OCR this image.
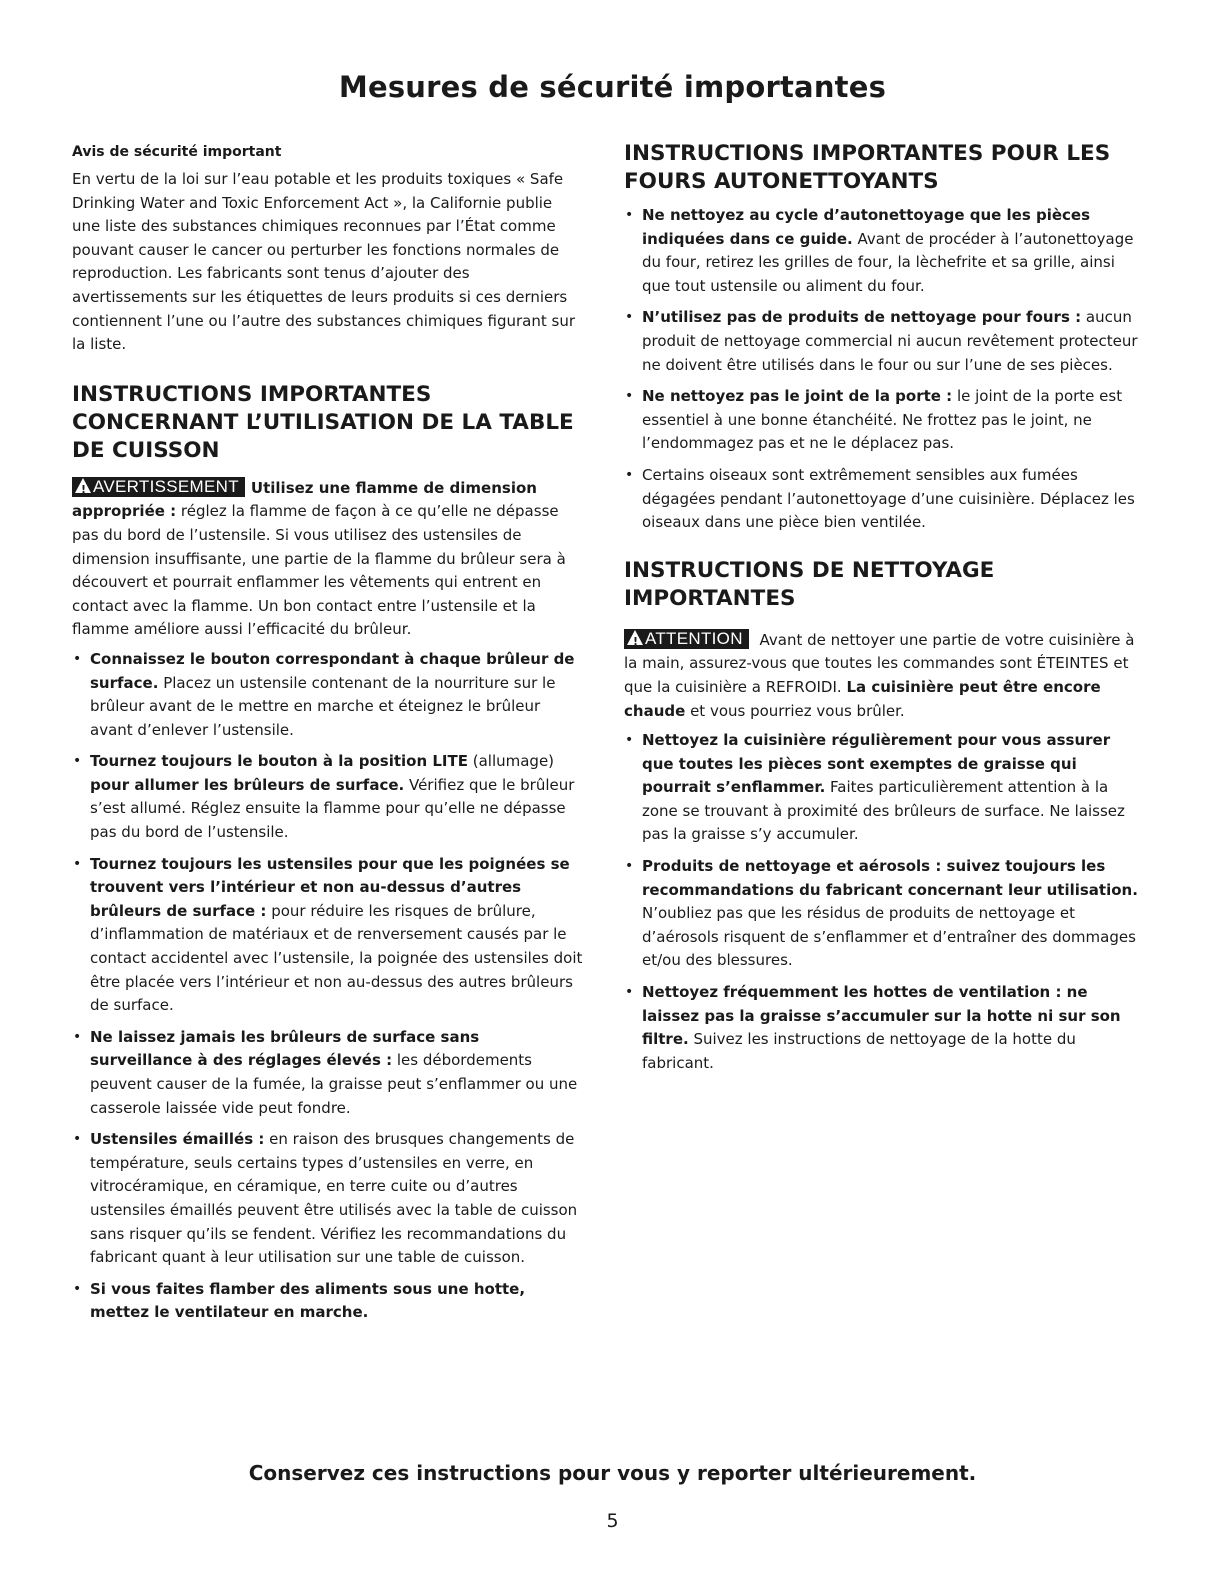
Mesures de sécurité importantes

Avis de sécurité important

En vertu de la loi sur l’eau potable et les produits toxiques « Safe Drinking Water and Toxic Enforcement Act », la Californie publie une liste des substances chimiques reconnues par l’État comme pouvant causer le cancer ou perturber les fonctions normales de reproduction. Les fabricants sont tenus d’ajouter des avertissements sur les étiquettes de leurs produits si ces derniers contiennent l’une ou l’autre des substances chimiques figurant sur la liste.

INSTRUCTIONS IMPORTANTES CONCERNANT L’UTILISATION DE LA TABLE DE CUISSON

!AVERTISSEMENT Utilisez une flamme de dimension appropriée : réglez la flamme de façon à ce qu’elle ne dépasse pas du bord de l’ustensile. Si vous utilisez des ustensiles de dimension insuffisante, une partie de la flamme du brûleur sera à découvert et pourrait enflammer les vêtements qui entrent en contact avec la flamme. Un bon contact entre l’ustensile et la flamme améliore aussi l’efficacité du brûleur.

• Connaissez le bouton correspondant à chaque brûleur de surface. Placez un ustensile contenant de la nourriture sur le brûleur avant de le mettre en marche et éteignez le brûleur avant d’enlever l’ustensile.
• Tournez toujours le bouton à la position LITE (allumage) pour allumer les brûleurs de surface. Vérifiez que le brûleur s’est allumé. Réglez ensuite la flamme pour qu’elle ne dépasse pas du bord de l’ustensile.
• Tournez toujours les ustensiles pour que les poignées se trouvent vers l’intérieur et non au-dessus d’autres brûleurs de surface : pour réduire les risques de brûlure, d’inflammation de matériaux et de renversement causés par le contact accidentel avec l’ustensile, la poignée des ustensiles doit être placée vers l’intérieur et non au-dessus des autres brûleurs de surface.
• Ne laissez jamais les brûleurs de surface sans surveillance à des réglages élevés : les débordements peuvent causer de la fumée, la graisse peut s’enflammer ou une casserole laissée vide peut fondre.
• Ustensiles émaillés : en raison des brusques changements de température, seuls certains types d’ustensiles en verre, en vitrocéramique, en céramique, en terre cuite ou d’autres ustensiles émaillés peuvent être utilisés avec la table de cuisson sans risquer qu’ils se fendent. Vérifiez les recommandations du fabricant quant à leur utilisation sur une table de cuisson.
• Si vous faites flamber des aliments sous une hotte, mettez le ventilateur en marche.
INSTRUCTIONS IMPORTANTES POUR LES FOURS AUTONETTOYANTS
• Ne nettoyez au cycle d’autonettoyage que les pièces indiquées dans ce guide. Avant de procéder à l’autonettoyage du four, retirez les grilles de four, la lèchefrite et sa grille, ainsi que tout ustensile ou aliment du four.
• N’utilisez pas de produits de nettoyage pour fours : aucun produit de nettoyage commercial ni aucun revêtement protecteur ne doivent être utilisés dans le four ou sur l’une de ses pièces.
• Ne nettoyez pas le joint de la porte : le joint de la porte est essentiel à une bonne étanchéité. Ne frottez pas le joint, ne l’endommagez pas et ne le déplacez pas.
• Certains oiseaux sont extrêmement sensibles aux fumées dégagées pendant l’autonettoyage d’une cuisinière. Déplacez les oiseaux dans une pièce bien ventilée.
INSTRUCTIONS DE NETTOYAGE IMPORTANTES

!ATTENTION Avant de nettoyer une partie de votre cuisinière à la main, assurez-vous que toutes les commandes sont ÉTEINTES et que la cuisinière a REFROIDI. La cuisinière peut être encore chaude et vous pourriez vous brûler.

• Nettoyez la cuisinière régulièrement pour vous assurer que toutes les pièces sont exemptes de graisse qui pourrait s’enflammer. Faites particulièrement attention à la zone se trouvant à proximité des brûleurs de surface. Ne laissez pas la graisse s’y accumuler.
• Produits de nettoyage et aérosols : suivez toujours les recommandations du fabricant concernant leur utilisation. N’oubliez pas que les résidus de produits de nettoyage et d’aérosols risquent de s’enflammer et d’entraîner des dommages et/ou des blessures.
• Nettoyez fréquemment les hottes de ventilation : ne laissez pas la graisse s’accumuler sur la hotte ni sur son filtre. Suivez les instructions de nettoyage de la hotte du fabricant.

Conservez ces instructions pour vous y reporter ultérieurement.

5
